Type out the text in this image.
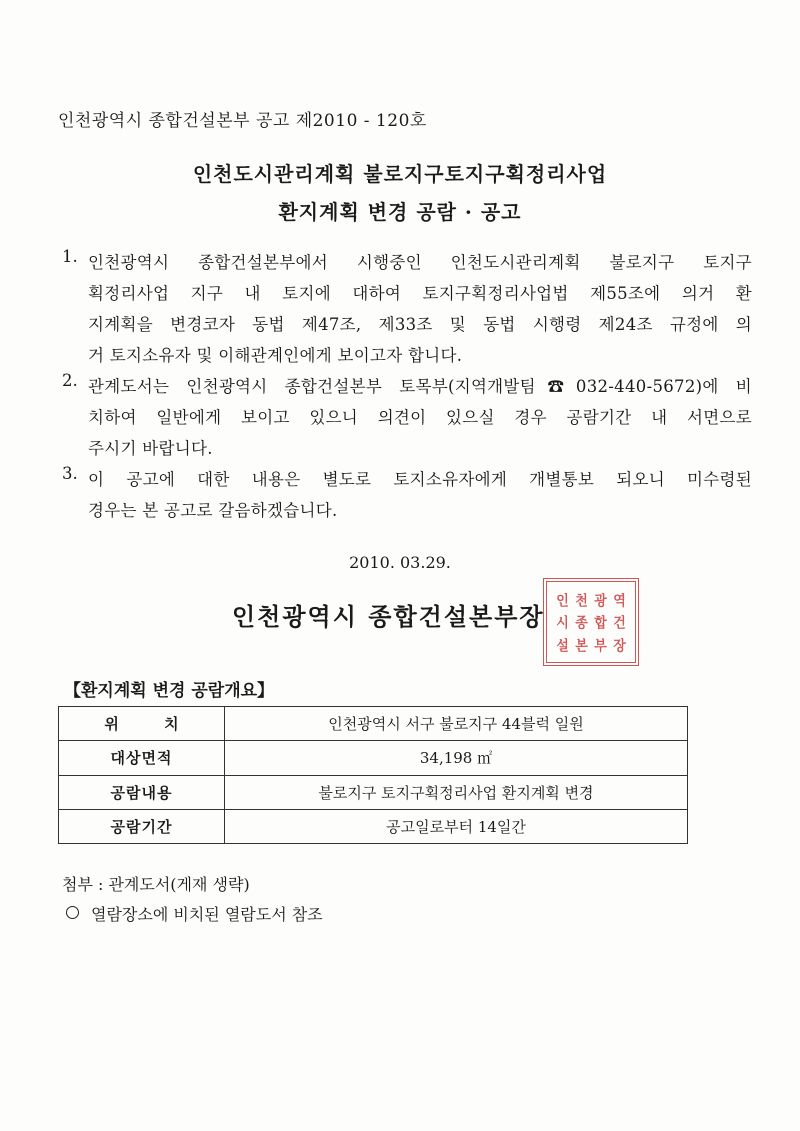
인천광역시 종합건설본부 공고 제2010 - 120호
인천도시관리계획 불로지구토지구획정리사업
환지계획 변경 공람 · 공고
1. 인천광역시 종합건설본부에서 시행중인 인천도시관리계획 불로지구 토지구
획정리사업 지구 내 토지에 대하여 토지구획정리사업법 제55조에 의거 환
지계획을 변경코자 동법 제47조, 제33조 및 동법 시행령 제24조 규정에 의
거 토지소유자 및 이해관계인에게 보이고자 합니다.
2. 관계도서는 인천광역시 종합건설본부 토목부(지역개발팀☎032-440-5672)에 비
치하여 일반에게 보이고 있으니 의견이 있으실 경우 공람기간 내 서면으로
주시기 바랍니다.
3. 이 공고에 대한 내용은 별도로 토지소유자에게 개별통보 되오니 미수령된
경우는 본 공고로 갈음하겠습니다.
2010. 03.29.
인천광역시 종합건설본부장
인 천 광 역
시 종 합 건
설 본 부 장
【환지계획 변경 공람개요】
위 치	인천광역시 서구 불로지구 44블럭 일원
대상면적	34,198 ㎡
공람내용	불로지구 토지구획정리사업 환지계획 변경
공람기간	공고일로부터 14일간
첨부 : 관계도서(게재 생략)
열람장소에 비치된 열람도서 참조
